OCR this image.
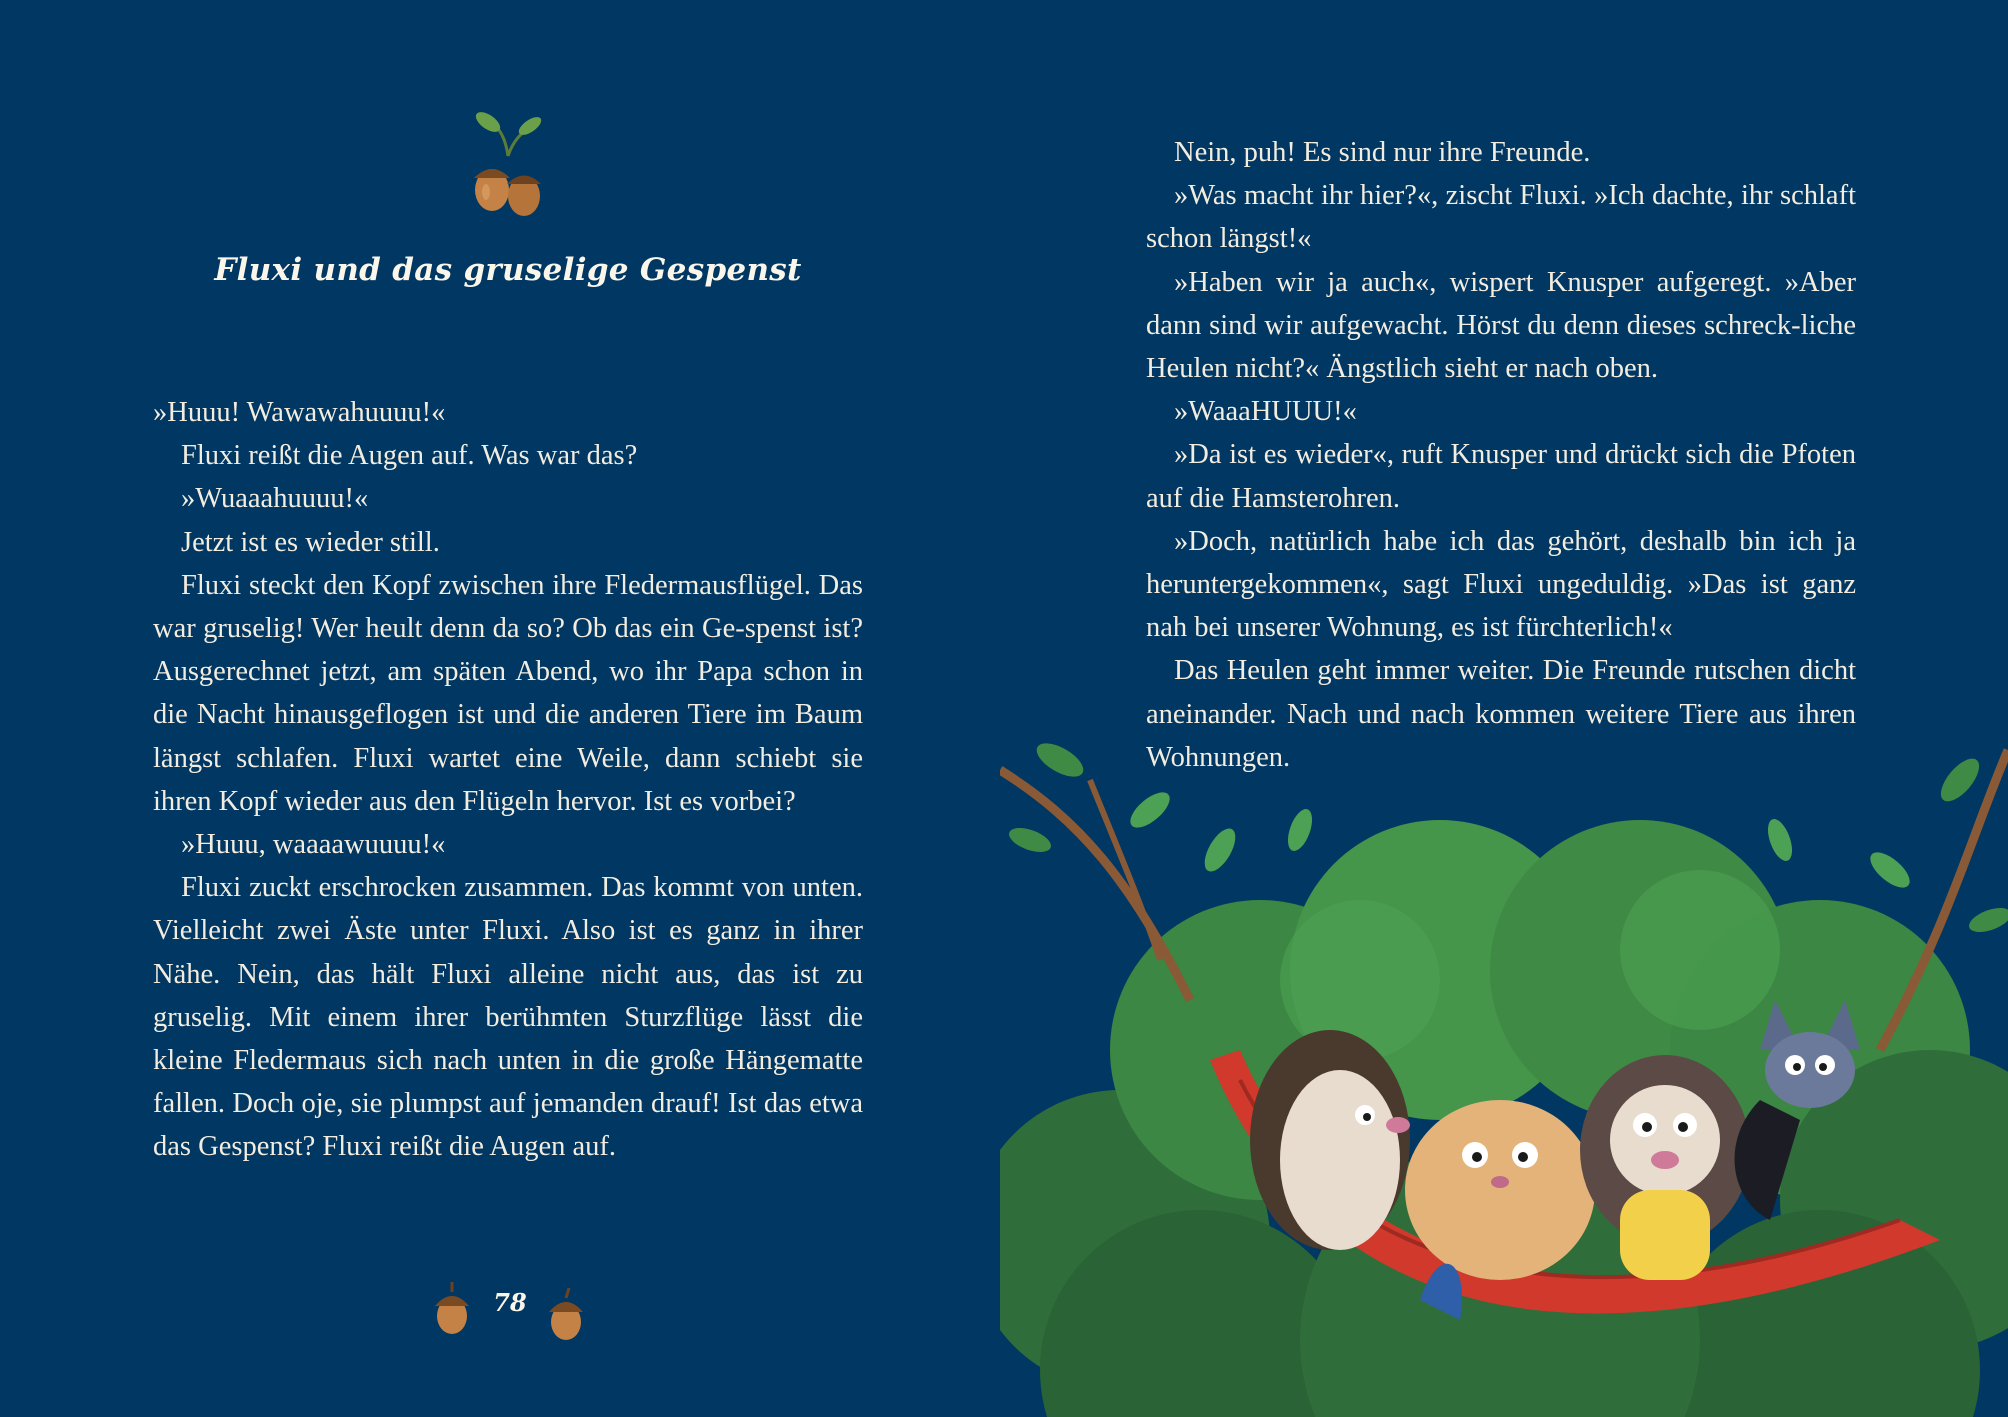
Fluxi und das gruselige Gespenst

»Huuu! Wawawahuuuu!«

Fluxi reißt die Augen auf. Was war das?

»Wuaaahuuuu!«

Jetzt ist es wieder still.

Fluxi steckt den Kopf zwischen ihre Fledermausflügel. Das war gruselig! Wer heult denn da so? Ob das ein Ge-spenst ist? Ausgerechnet jetzt, am späten Abend, wo ihr Papa schon in die Nacht hinausgeflogen ist und die anderen Tiere im Baum längst schlafen. Fluxi wartet eine Weile, dann schiebt sie ihren Kopf wieder aus den Flügeln hervor. Ist es vorbei?

»Huuu, waaaawuuuu!«

Fluxi zuckt erschrocken zusammen. Das kommt von unten. Vielleicht zwei Äste unter Fluxi. Also ist es ganz in ihrer Nähe. Nein, das hält Fluxi alleine nicht aus, das ist zu gruselig. Mit einem ihrer berühmten Sturzflüge lässt die kleine Fledermaus sich nach unten in die große Hängematte fallen. Doch oje, sie plumpst auf jemanden drauf! Ist das etwa das Gespenst? Fluxi reißt die Augen auf.

78

Nein, puh! Es sind nur ihre Freunde.

»Was macht ihr hier?«, zischt Fluxi. »Ich dachte, ihr schlaft schon längst!«

»Haben wir ja auch«, wispert Knusper aufgeregt. »Aber dann sind wir aufgewacht. Hörst du denn dieses schreck-liche Heulen nicht?« Ängstlich sieht er nach oben.

»WaaaHUUU!«

»Da ist es wieder«, ruft Knusper und drückt sich die Pfoten auf die Hamsterohren.

»Doch, natürlich habe ich das gehört, deshalb bin ich ja heruntergekommen«, sagt Fluxi ungeduldig. »Das ist ganz nah bei unserer Wohnung, es ist fürchterlich!«

Das Heulen geht immer weiter. Die Freunde rutschen dicht aneinander. Nach und nach kommen weitere Tiere aus ihren Wohnungen.
